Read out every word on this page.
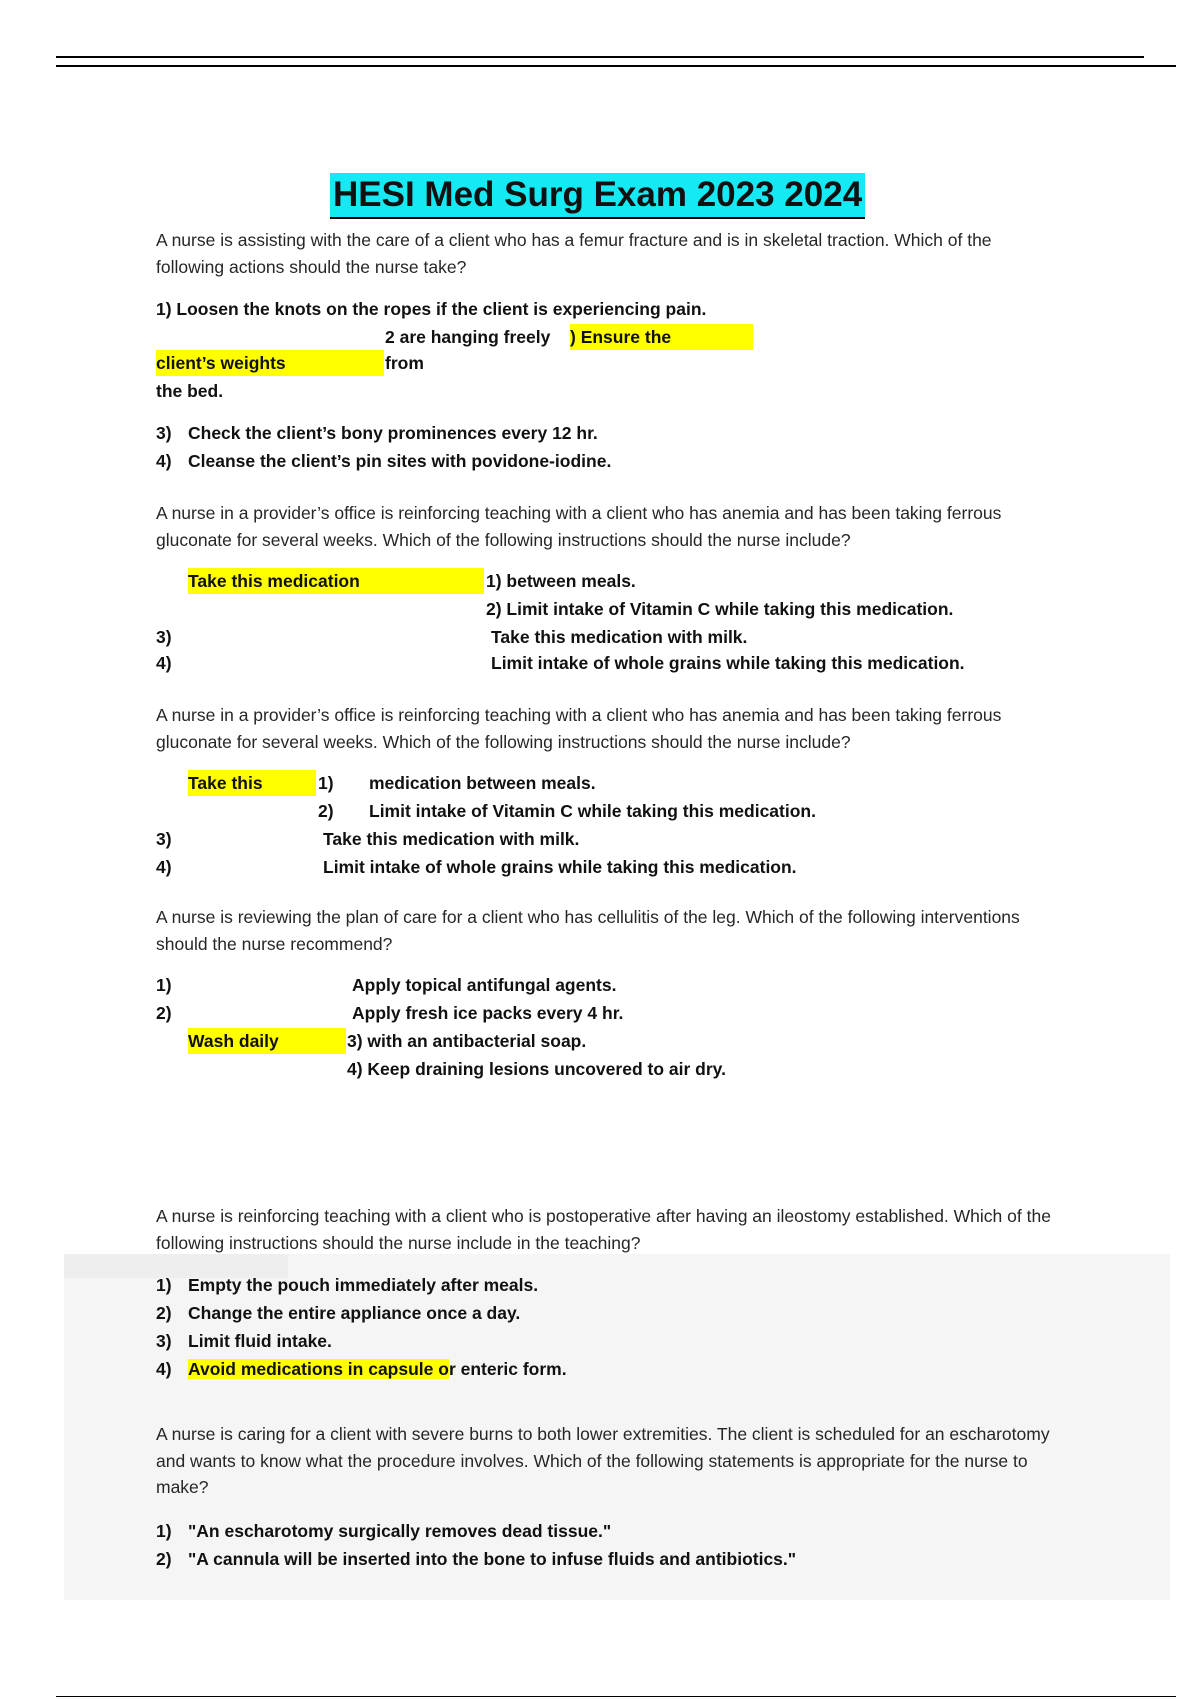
HESI Med Surg Exam 2023 2024
A nurse is assisting with the care of a client who has a femur fracture and is in skeletal traction. Which of the following actions should the nurse take?
1) Loosen the knots on the ropes if the client is experiencing pain.
2 are hanging freely ) Ensure the
client’s weights	from
the bed.
3) Check the client’s bony prominences every 12 hr.
4) Cleanse the client’s pin sites with povidone-iodine.
A nurse in a provider’s office is reinforcing teaching with a client who has anemia and has been taking ferrous gluconate for several weeks. Which of the following instructions should the nurse include?
Take this medication	1) between meals.
2) Limit intake of Vitamin C while taking this medication.
3)	Take this medication with milk.
4)	Limit intake of whole grains while taking this medication.
A nurse in a provider’s office is reinforcing teaching with a client who has anemia and has been taking ferrous gluconate for several weeks. Which of the following instructions should the nurse include?
Take this	1) medication between meals.
2) Limit intake of Vitamin C while taking this medication.
3)	Take this medication with milk.
4)	Limit intake of whole grains while taking this medication.
A nurse is reviewing the plan of care for a client who has cellulitis of the leg. Which of the following interventions should the nurse recommend?
1)	Apply topical antifungal agents.
2)	Apply fresh ice packs every 4 hr.
Wash daily	3) with an antibacterial soap.
4) Keep draining lesions uncovered to air dry.
A nurse is reinforcing teaching with a client who is postoperative after having an ileostomy established. Which of the following instructions should the nurse include in the teaching?
1) Empty the pouch immediately after meals.
2) Change the entire appliance once a day.
3) Limit fluid intake.
4) Avoid medications in capsule or enteric form.
A nurse is caring for a client with severe burns to both lower extremities. The client is scheduled for an escharotomy and wants to know what the procedure involves. Which of the following statements is appropriate for the nurse to make?
1) "An escharotomy surgically removes dead tissue."
2) "A cannula will be inserted into the bone to infuse fluids and antibiotics."
